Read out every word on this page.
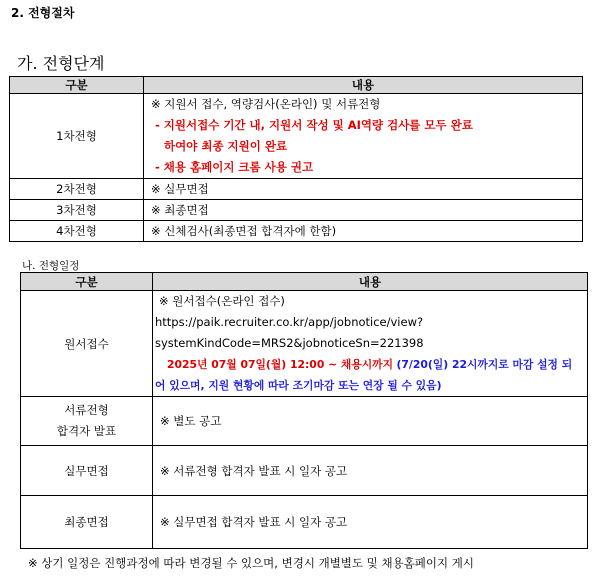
2. 전형절차
가. 전형단계
구분	내용
1차전형	※ 지원서 접수, 역량검사(온라인) 및 서류전형
- 지원서접수 기간 내, 지원서 작성 및 AI역량 검사를 모두 완료
하여야 최종 지원이 완료
- 채용 홈페이지 크롬 사용 권고

2차전형	※ 실무면접
3차전형	※ 최종면접
4차전형	※ 신체검사(최종면접 합격자에 한함)
나. 전형일정
구분	내용
원서접수	※ 원서접수(온라인 접수)
https://paik.recruiter.co.kr/app/jobnotice/view?
systemKindCode=MRS2&jobnoticeSn=221398
2025년 07월 07일(월) 12:00 ~ 채용시까지 (7/20(일) 22시까지로 마감 설정 되
어 있으며, 지원 현황에 따라 조기마감 또는 연장 될 수 있음)

서류전형
합격자 발표	※ 별도 공고
실무면접	※ 서류전형 합격자 발표 시 일자 공고
최종면접	※ 실무면접 합격자 발표 시 일자 공고
※ 상기 일정은 진행과정에 따라 변경될 수 있으며, 변경시 개별별도 및 채용홈페이지 게시
